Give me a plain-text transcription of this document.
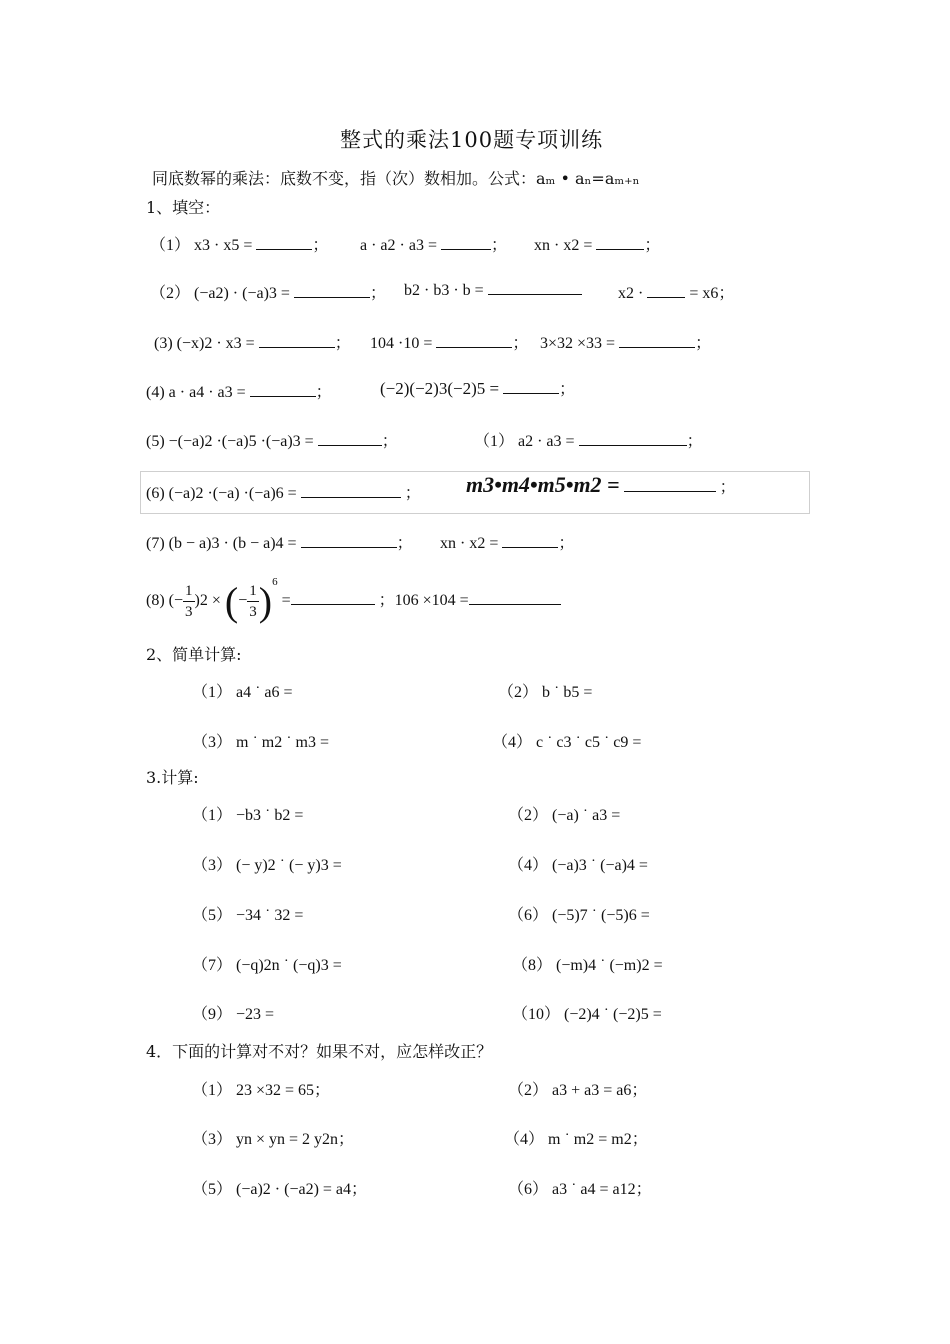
整式的乘法100题专项训练
同底数幂的乘法：底数不变，指（次）数相加。公式：aₘ • aₙ=aₘ₊ₙ
1、填空：
（1） x3 · x5 =	； a · a2 · a3 =	； xn · x2 =	；
（2） (−a2) · (−a)3 =	； b2 · b3 · b =	x2 ·	= x6；
(3) (−x)2 · x3 =	； 104 ·10 =	； 3×32 ×33 =	；
(4) a · a4 · a3 =	；	(−2)(−2)3(−2)5 =	；
(5) −(−a)2 ·(−a)5 ·(−a)3 =	；	（1） a2 · a3 =	；
(6) (−a)2 ·(−a) ·(−a)6 =	； m3•m4•m5•m2 =	；
(7) (b − a)3 · (b − a)4 =	； xn · x2 =	；
(8) (− $\frac{1}{3} )2$ × (− $\frac{1}{3} )^6$ =	；106 ×104 =
2、简单计算:
（1） a4 ˙ a6 =	（2） b ˙ b5 =
（3） m ˙ m2 ˙ m3 =	（4） c ˙ c3 ˙ c5 ˙ c9 =
3.计算:
（1） −b3 ˙ b2 =	（2） (−a) ˙ a3 =
（3） (− y)2 ˙ (− y)3 =	（4） (−a)3 ˙ (−a)4 =
（5） −34 ˙ 32 =	（6） (−5)7 ˙ (−5)6 =
（7） (−q)2n ˙ (−q)3 =	（8） (−m)4 ˙ (−m)2 =
（9） −23 =	（10） (−2)4 ˙ (−2)5 =
4．下面的计算对不对？如果不对，应怎样改正？
（1） 23 ×32 = 65；	（2） a3 + a3 = a6；
（3） yn × yn = 2 y2n；	（4） m ˙ m2 = m2；
（5） (−a)2 · (−a2) = a4；	（6） a3 ˙ a4 = a12；
